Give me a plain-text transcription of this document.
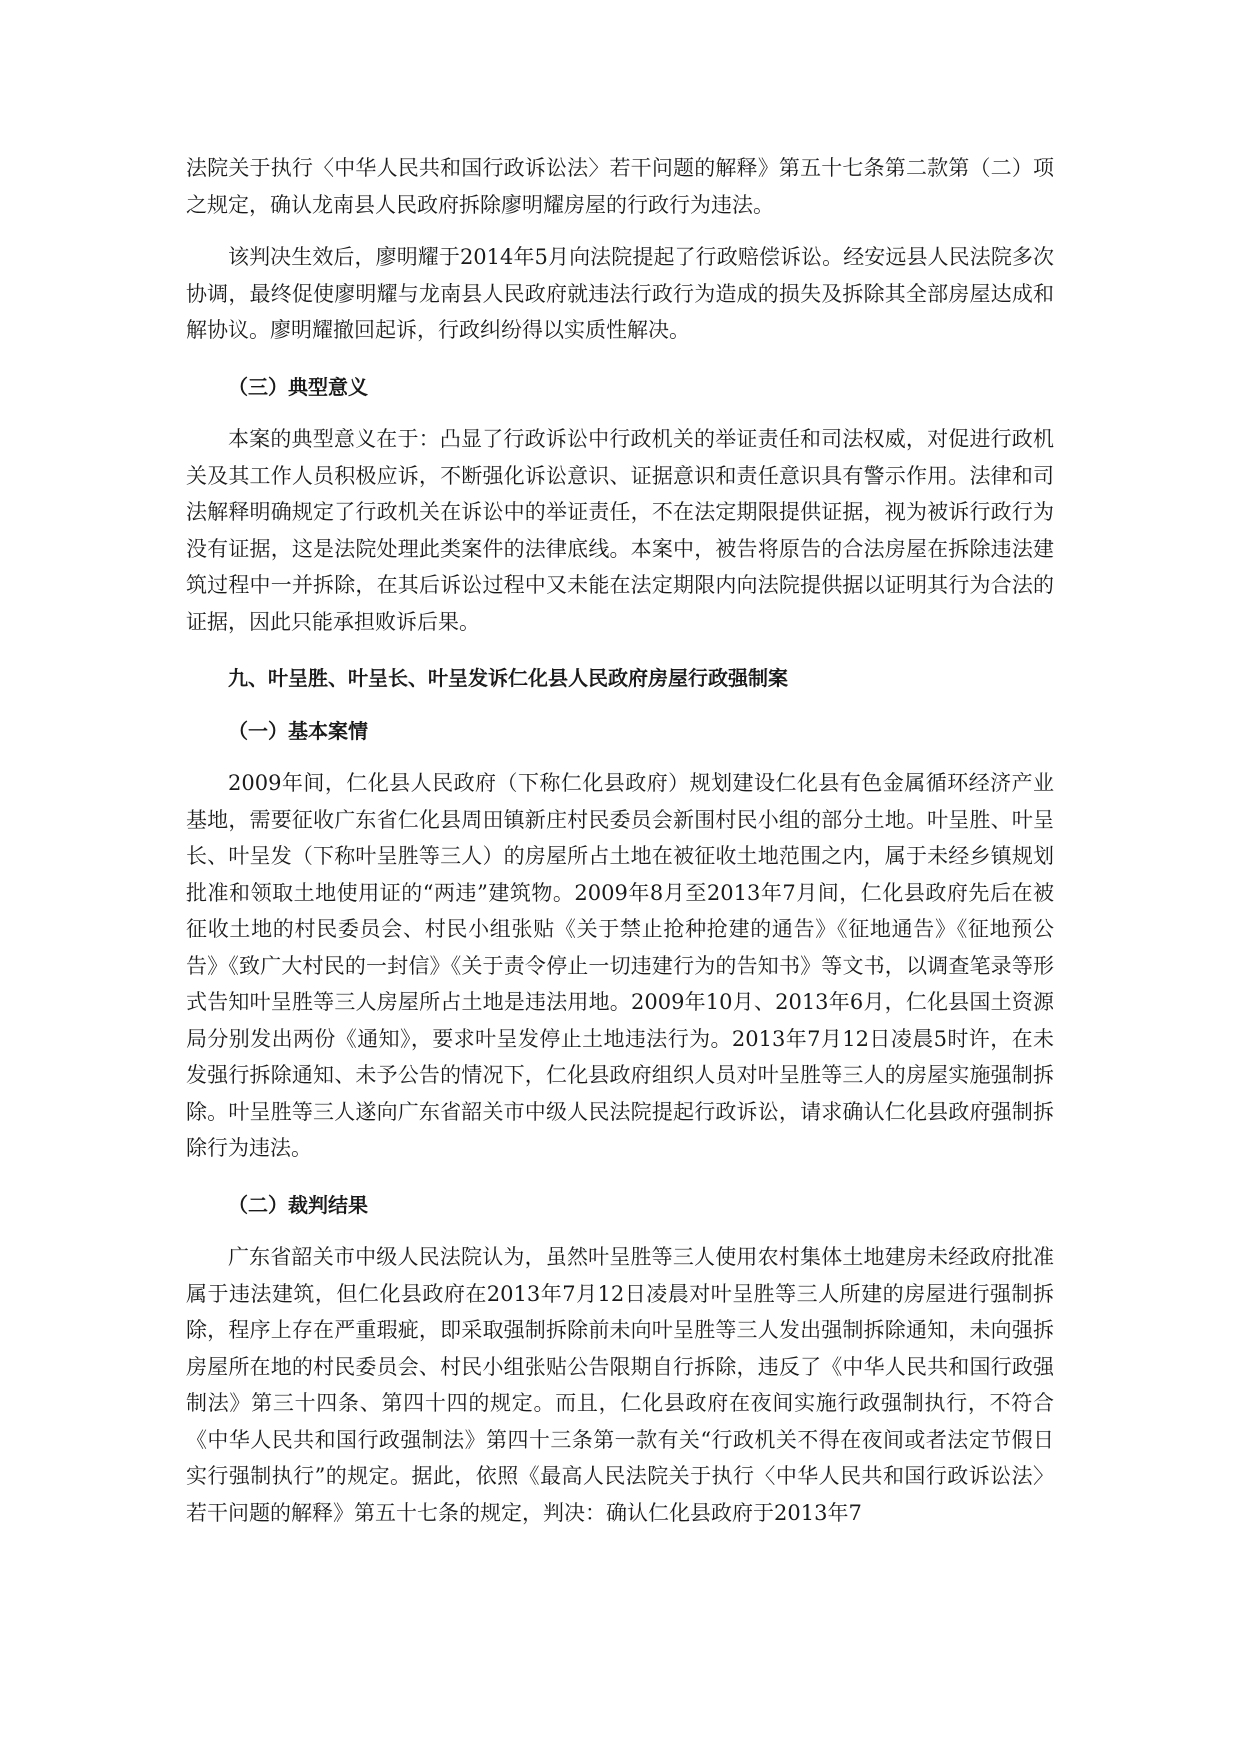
法院关于执行〈中华人民共和国行政诉讼法〉若干问题的解释》第五十七条第二款第（二）项之规定，确认龙南县人民政府拆除廖明耀房屋的行政行为违法。

该判决生效后，廖明耀于2014年5月向法院提起了行政赔偿诉讼。经安远县人民法院多次协调，最终促使廖明耀与龙南县人民政府就违法行政行为造成的损失及拆除其全部房屋达成和解协议。廖明耀撤回起诉，行政纠纷得以实质性解决。

（三）典型意义

本案的典型意义在于：凸显了行政诉讼中行政机关的举证责任和司法权威，对促进行政机关及其工作人员积极应诉，不断强化诉讼意识、证据意识和责任意识具有警示作用。法律和司法解释明确规定了行政机关在诉讼中的举证责任，不在法定期限提供证据，视为被诉行政行为没有证据，这是法院处理此类案件的法律底线。本案中，被告将原告的合法房屋在拆除违法建筑过程中一并拆除，在其后诉讼过程中又未能在法定期限内向法院提供据以证明其行为合法的证据，因此只能承担败诉后果。

九、叶呈胜、叶呈长、叶呈发诉仁化县人民政府房屋行政强制案

（一）基本案情

2009年间，仁化县人民政府（下称仁化县政府）规划建设仁化县有色金属循环经济产业基地，需要征收广东省仁化县周田镇新庄村民委员会新围村民小组的部分土地。叶呈胜、叶呈长、叶呈发（下称叶呈胜等三人）的房屋所占土地在被征收土地范围之内，属于未经乡镇规划批准和领取土地使用证的“两违”建筑物。2009年8月至2013年7月间，仁化县政府先后在被征收土地的村民委员会、村民小组张贴《关于禁止抢种抢建的通告》《征地通告》《征地预公告》《致广大村民的一封信》《关于责令停止一切违建行为的告知书》等文书，以调查笔录等形式告知叶呈胜等三人房屋所占土地是违法用地。2009年10月、2013年6月，仁化县国土资源局分别发出两份《通知》，要求叶呈发停止土地违法行为。2013年7月12日凌晨5时许，在未发强行拆除通知、未予公告的情况下，仁化县政府组织人员对叶呈胜等三人的房屋实施强制拆除。叶呈胜等三人遂向广东省韶关市中级人民法院提起行政诉讼，请求确认仁化县政府强制拆除行为违法。

（二）裁判结果

广东省韶关市中级人民法院认为，虽然叶呈胜等三人使用农村集体土地建房未经政府批准属于违法建筑，但仁化县政府在2013年7月12日凌晨对叶呈胜等三人所建的房屋进行强制拆除，程序上存在严重瑕疵，即采取强制拆除前未向叶呈胜等三人发出强制拆除通知，未向强拆房屋所在地的村民委员会、村民小组张贴公告限期自行拆除，违反了《中华人民共和国行政强制法》第三十四条、第四十四的规定。而且，仁化县政府在夜间实施行政强制执行，不符合《中华人民共和国行政强制法》第四十三条第一款有关“行政机关不得在夜间或者法定节假日实行强制执行”的规定。据此，依照《最高人民法院关于执行〈中华人民共和国行政诉讼法〉若干问题的解释》第五十七条的规定，判决：确认仁化县政府于2013年7
